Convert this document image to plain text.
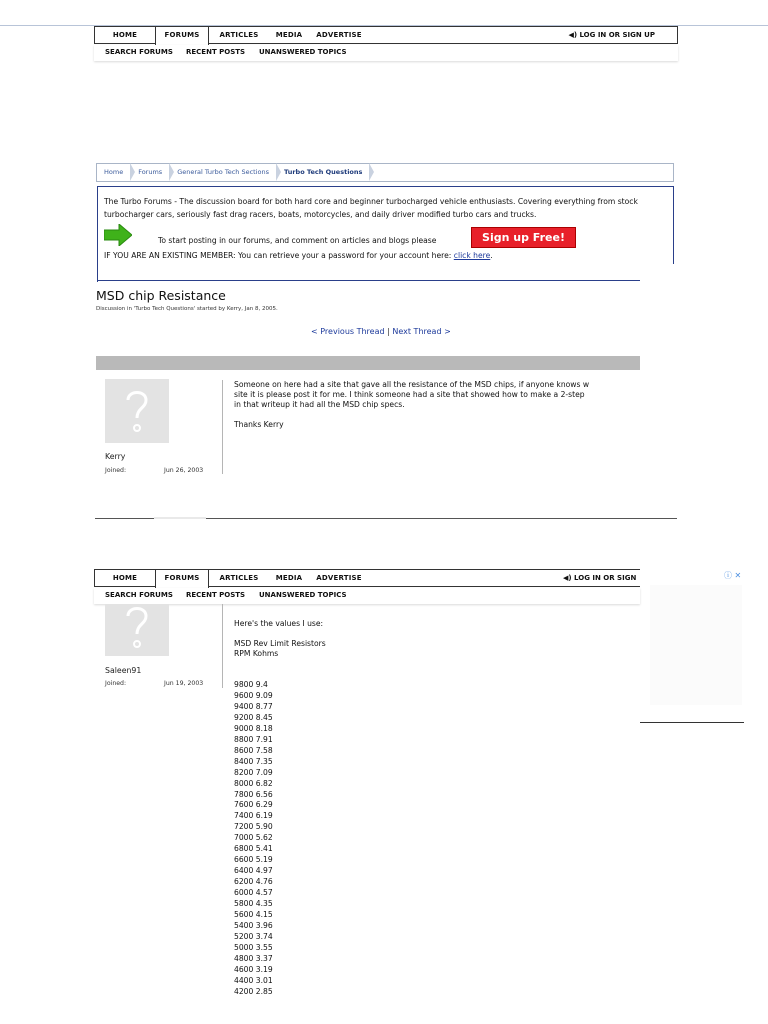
HOME	FORUMS	ARTICLES	MEDIA	ADVERTISE	◀) LOG IN OR SIGN UP
SEARCH FORUMS RECENT POSTS UNANSWERED TOPICS
Home	Forums	General Turbo Tech Sections	Turbo Tech Questions
The Turbo Forums - The discussion board for both hard core and beginner turbocharged vehicle enthusiasts. Covering everything from stock turbocharger cars, seriously fast drag racers, boats, motorcycles, and daily driver modified turbo cars and trucks.
To start posting in our forums, and comment on articles and blogs please	Sign up Free!
IF YOU ARE AN EXISTING MEMBER: You can retrieve your a password for your account here: click here.
MSD chip Resistance
Discussion in 'Turbo Tech Questions' started by Kerry, Jan 8, 2005.
< Previous Thread | Next Thread >
Kerry
Joined:	Jun 26, 2003
Someone on here had a site that gave all the resistance of the MSD chips, if anyone knows w
site it is please post it for me. I think someone had a site that showed how to make a 2-step
in that writeup it had all the MSD chip specs.

Thanks Kerry
HOME	FORUMS	ARTICLES	MEDIA	ADVERTISE	◀) LOG IN OR SIGN
SEARCH FORUMS RECENT POSTS UNANSWERED TOPICS
ⓘ ✕
Saleen91
Joined:	Jun 19, 2003
Here's the values I use:

MSD Rev Limit Resistors
RPM Kohms
9800 9.4
9600 9.09
9400 8.77
9200 8.45
9000 8.18
8800 7.91
8600 7.58
8400 7.35
8200 7.09
8000 6.82
7800 6.56
7600 6.29
7400 6.19
7200 5.90
7000 5.62
6800 5.41
6600 5.19
6400 4.97
6200 4.76
6000 4.57
5800 4.35
5600 4.15
5400 3.96
5200 3.74
5000 3.55
4800 3.37
4600 3.19
4400 3.01
4200 2.85
